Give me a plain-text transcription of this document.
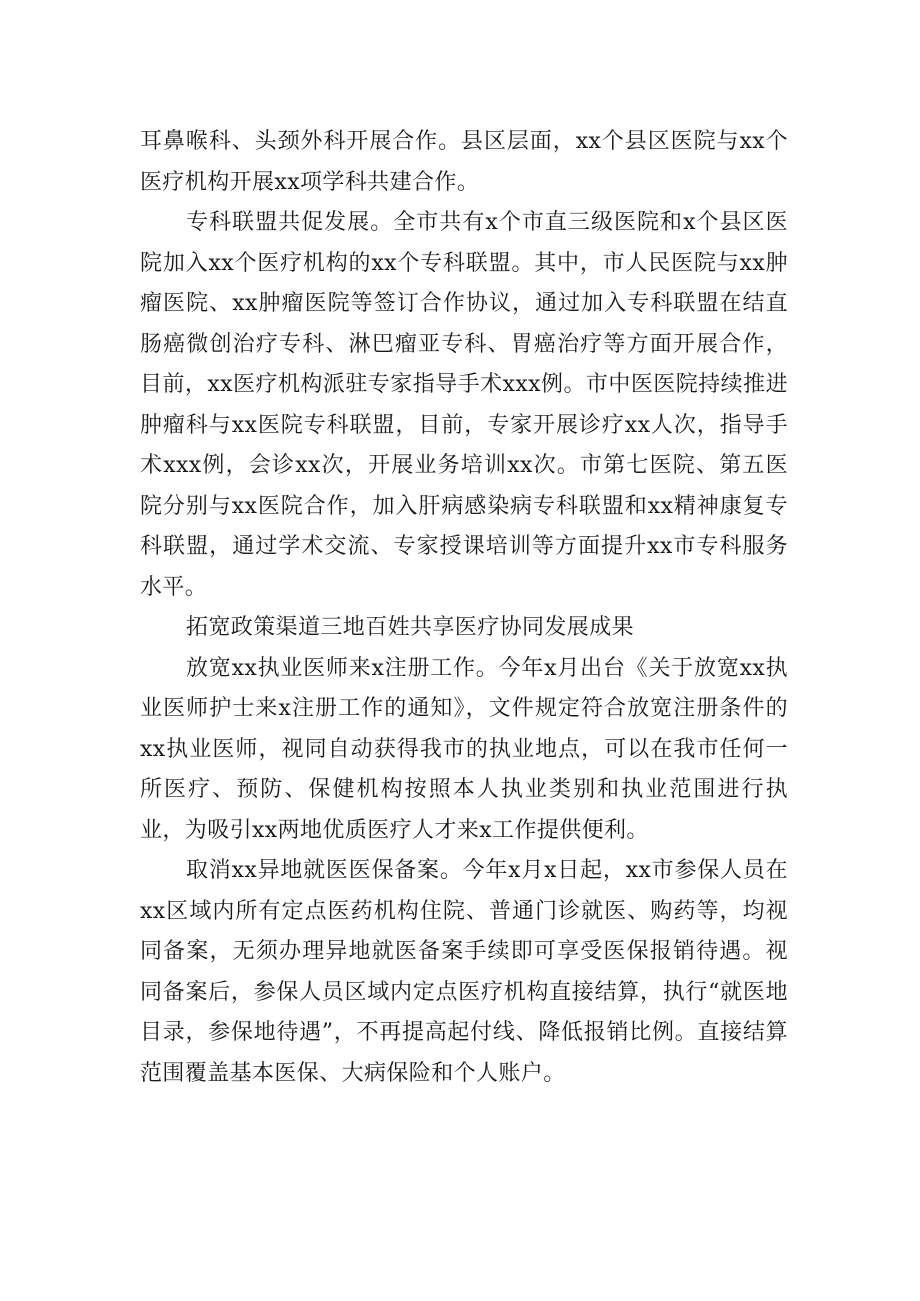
耳鼻喉科、头颈外科开展合作。县区层面，xx个县区医院与xx个医疗机构开展xx项学科共建合作。

专科联盟共促发展。全市共有x个市直三级医院和x个县区医院加入xx个医疗机构的xx个专科联盟。其中，市人民医院与xx肿瘤医院、xx肿瘤医院等签订合作协议，通过加入专科联盟在结直肠癌微创治疗专科、淋巴瘤亚专科、胃癌治疗等方面开展合作，目前，xx医疗机构派驻专家指导手术xxx例。市中医医院持续推进肿瘤科与xx医院专科联盟，目前，专家开展诊疗xx人次，指导手术xxx例，会诊xx次，开展业务培训xx次。市第七医院、第五医院分别与xx医院合作，加入肝病感染病专科联盟和xx精神康复专科联盟，通过学术交流、专家授课培训等方面提升xx市专科服务水平。

拓宽政策渠道三地百姓共享医疗协同发展成果

放宽xx执业医师来x注册工作。今年x月出台《关于放宽xx执业医师护士来x注册工作的通知》，文件规定符合放宽注册条件的xx执业医师，视同自动获得我市的执业地点，可以在我市任何一所医疗、预防、保健机构按照本人执业类别和执业范围进行执业，为吸引xx两地优质医疗人才来x工作提供便利。

取消xx异地就医医保备案。今年x月x日起，xx市参保人员在xx区域内所有定点医药机构住院、普通门诊就医、购药等，均视同备案，无须办理异地就医备案手续即可享受医保报销待遇。视同备案后，参保人员区域内定点医疗机构直接结算，执行“就医地目录，参保地待遇”，不再提高起付线、降低报销比例。直接结算范围覆盖基本医保、大病保险和个人账户。
